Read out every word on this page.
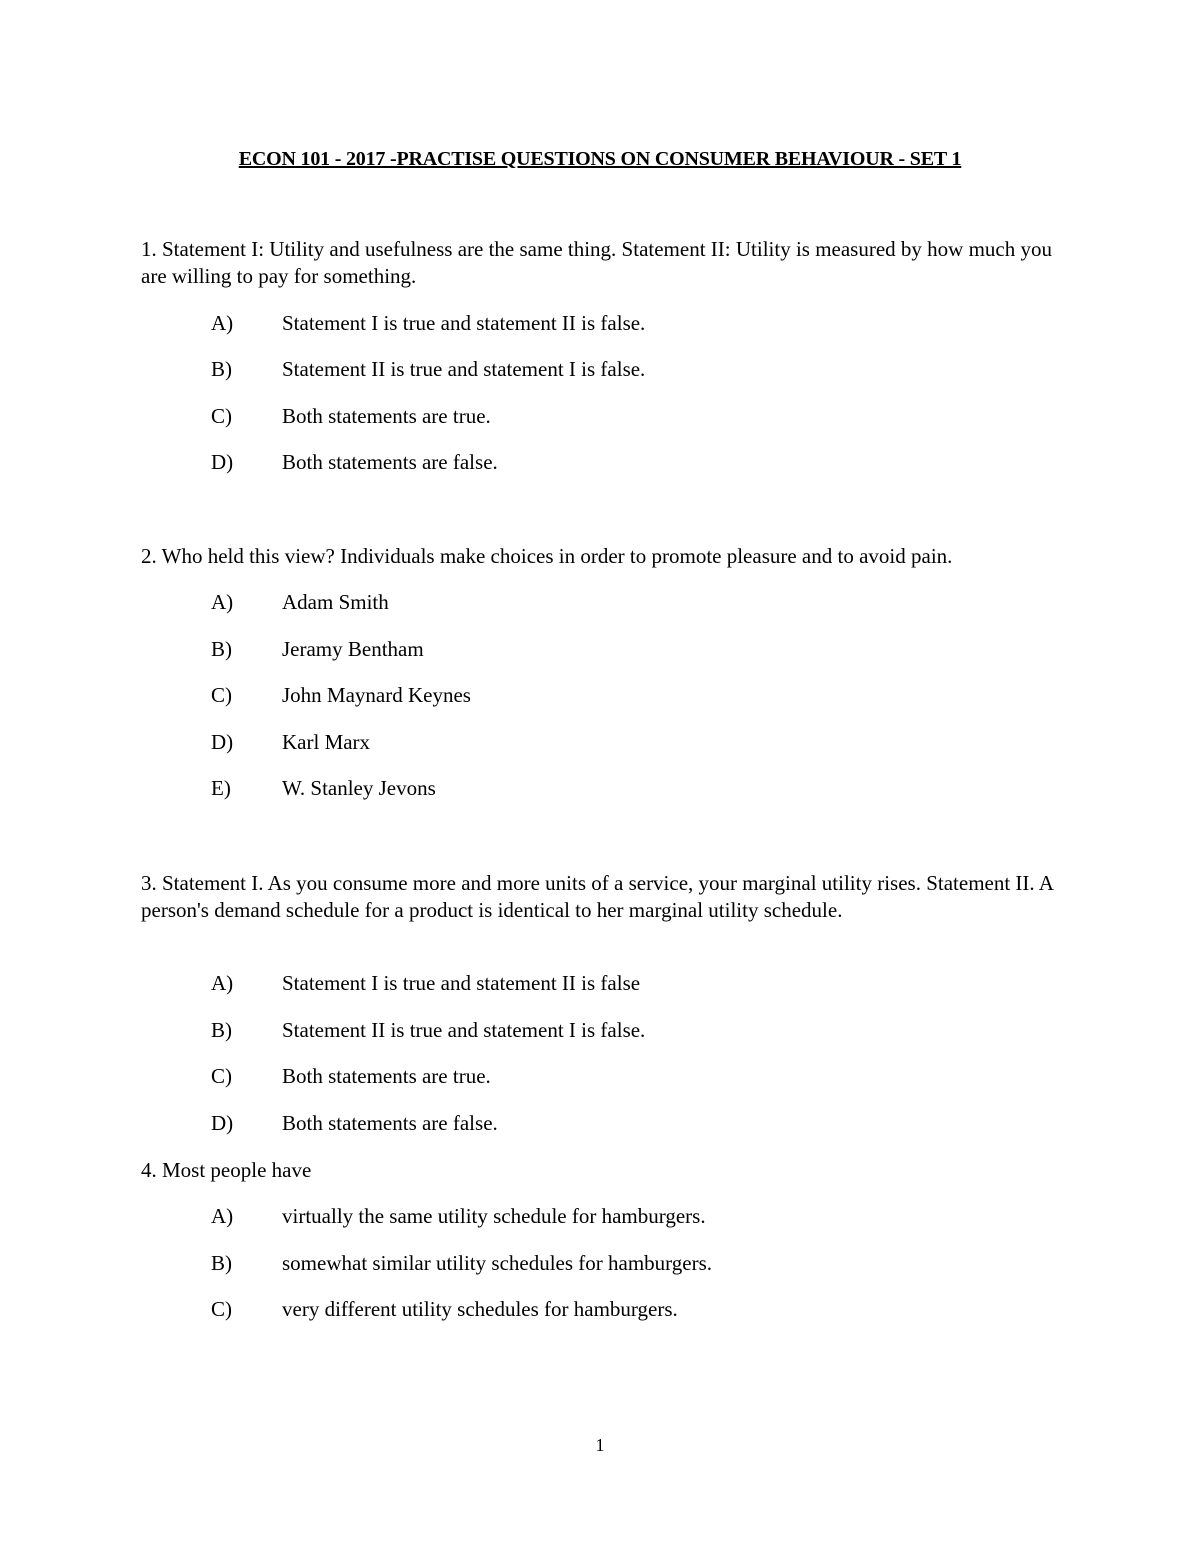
ECON 101 - 2017 -PRACTISE QUESTIONS ON CONSUMER BEHAVIOUR - SET 1

1. Statement I: Utility and usefulness are the same thing. Statement II: Utility is measured by how much you are willing to pay for something.

A) Statement I is true and statement II is false.
B) Statement II is true and statement I is false.
C) Both statements are true.
D) Both statements are false.

2. Who held this view? Individuals make choices in order to promote pleasure and to avoid pain.

A) Adam Smith
B) Jeramy Bentham
C) John Maynard Keynes
D) Karl Marx
E) W. Stanley Jevons

3. Statement I. As you consume more and more units of a service, your marginal utility rises. Statement II. A person's demand schedule for a product is identical to her marginal utility schedule.

A) Statement I is true and statement II is false
B) Statement II is true and statement I is false.
C) Both statements are true.
D) Both statements are false.

4. Most people have

A) virtually the same utility schedule for hamburgers.
B) somewhat similar utility schedules for hamburgers.
C) very different utility schedules for hamburgers.
1
